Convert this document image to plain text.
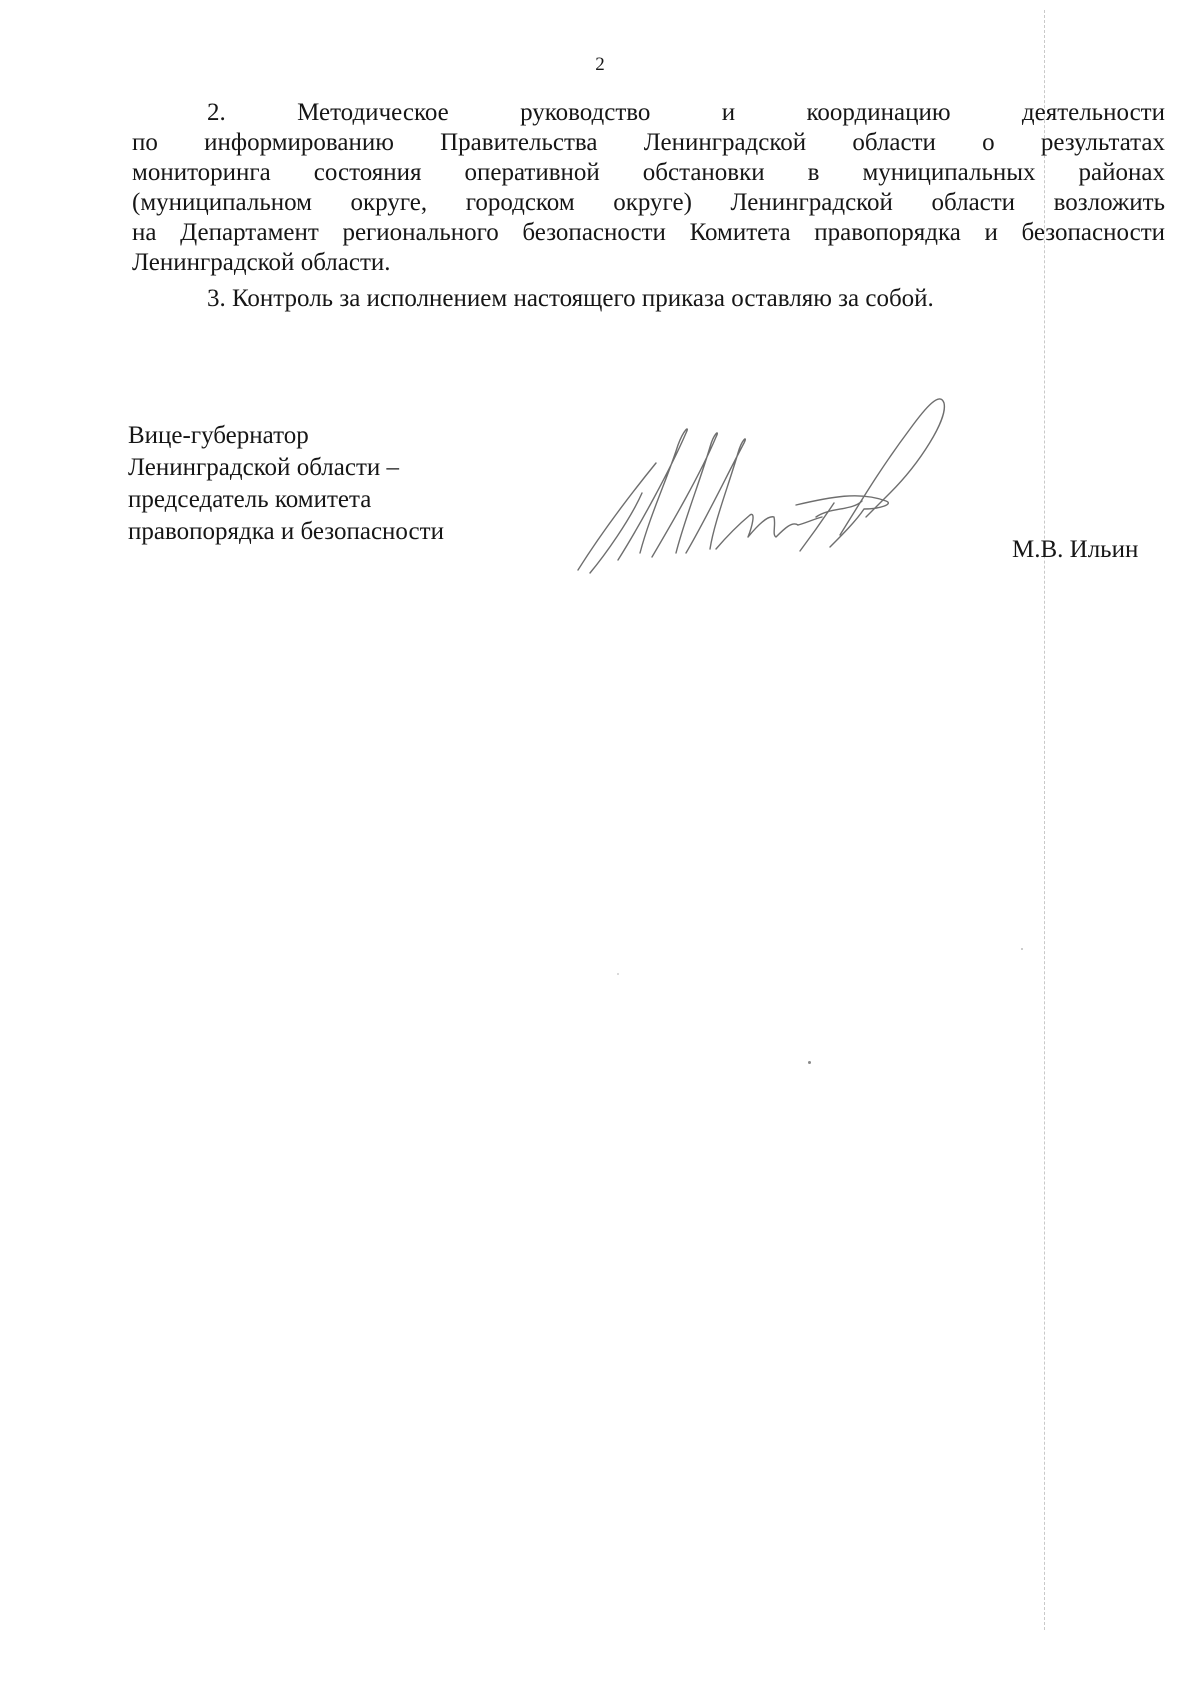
2

2. Методическое руководство и координацию деятельности

по информированию Правительства Ленинградской области о результатах

мониторинга состояния оперативной обстановки в муниципальных районах

(муниципальном округе, городском округе) Ленинградской области возложить

на Департамент регионального безопасности Комитета правопорядка и безопасности

Ленинградской области.

3. Контроль за исполнением настоящего приказа оставляю за собой.

Вице-губернатор
Ленинградской области –
председатель комитета
правопорядка и безопасности
М.В. Ильин
